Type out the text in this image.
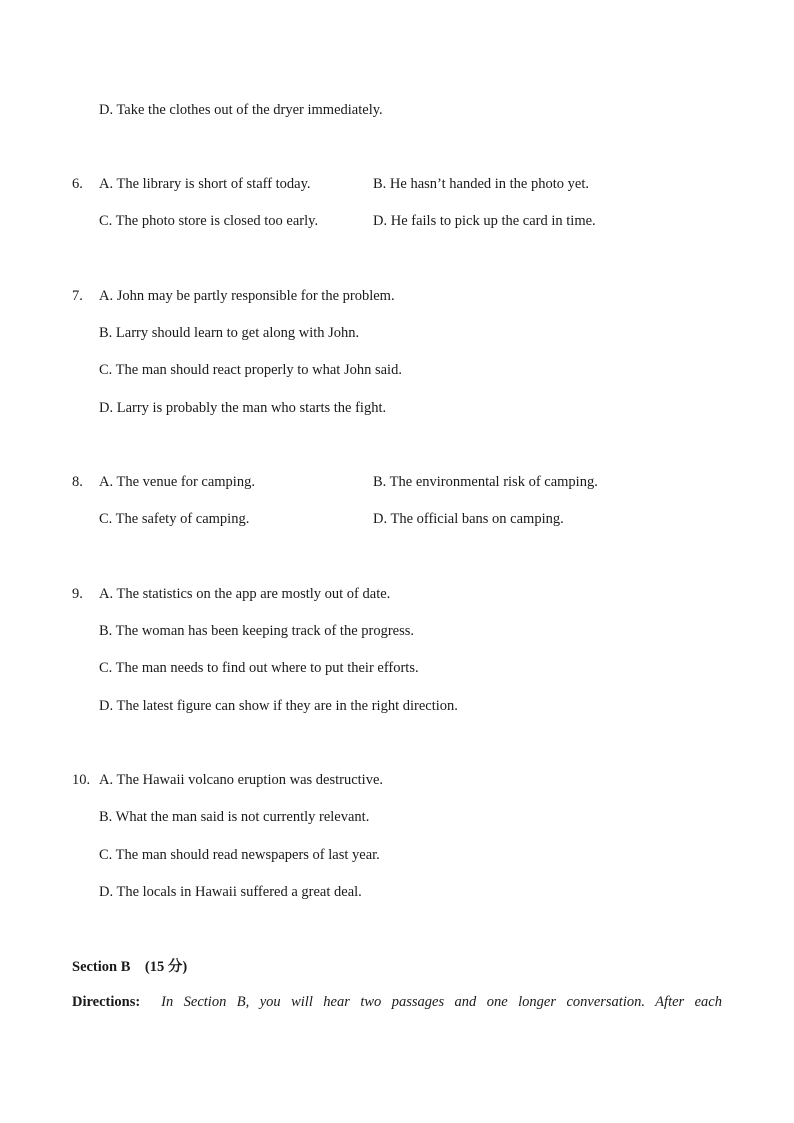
D. Take the clothes out of the dryer immediately.
6. A. The library is short of staff today.	B. He hasn’t handed in the photo yet.
C. The photo store is closed too early.	D. He fails to pick up the card in time.
7. A. John may be partly responsible for the problem.
B. Larry should learn to get along with John.
C. The man should react properly to what John said.
D. Larry is probably the man who starts the fight.
8. A. The venue for camping.	B. The environmental risk of camping.
C. The safety of camping.	D. The official bans on camping.
9. A. The statistics on the app are mostly out of date.
B. The woman has been keeping track of the progress.
C. The man needs to find out where to put their efforts.
D. The latest figure can show if they are in the right direction.
10. A. The Hawaii volcano eruption was destructive.
B. What the man said is not currently relevant.
C. The man should read newspapers of last year.
D. The locals in Hawaii suffered a great deal.
Section B (15 分)
Directions: In Section B, you will hear two passages and one longer conversation. After each
